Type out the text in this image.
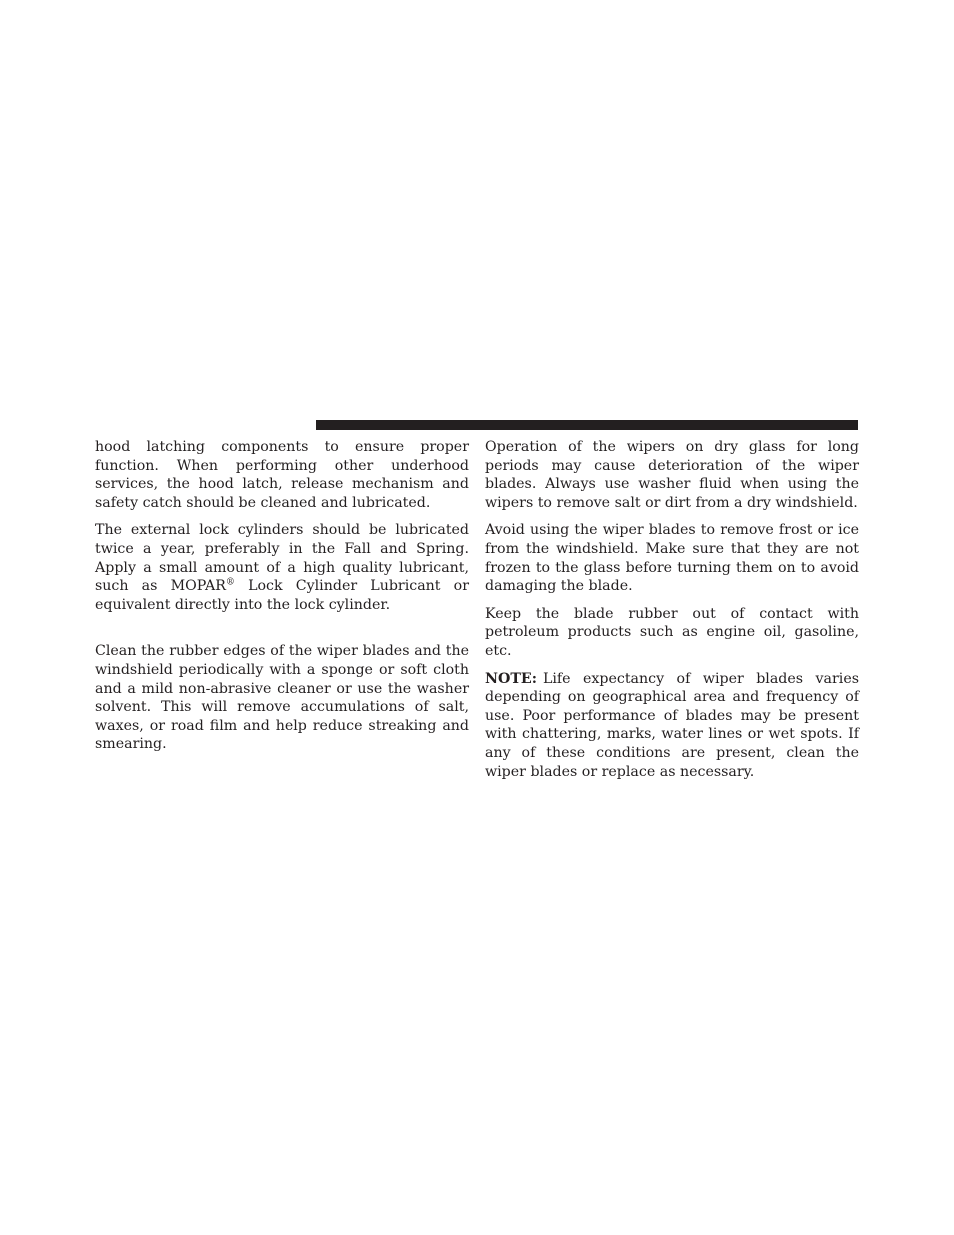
hood latching components to ensure proper function. When performing other underhood services, the hood latch, release mechanism and safety catch should be cleaned and lubricated.

The external lock cylinders should be lubricated twice a year, preferably in the Fall and Spring. Apply a small amount of a high quality lubricant, such as MOPAR® Lock Cylinder Lubricant or equivalent directly into the lock cylinder.

Clean the rubber edges of the wiper blades and the windshield periodically with a sponge or soft cloth and a mild non-abrasive cleaner or use the washer solvent. This will remove accumulations of salt, waxes, or road film and help reduce streaking and smearing.

Operation of the wipers on dry glass for long periods may cause deterioration of the wiper blades. Always use washer fluid when using the wipers to remove salt or dirt from a dry windshield.

Avoid using the wiper blades to remove frost or ice from the windshield. Make sure that they are not frozen to the glass before turning them on to avoid damaging the blade.

Keep the blade rubber out of contact with petroleum products such as engine oil, gasoline, etc.

NOTE: Life expectancy of wiper blades varies depending on geographical area and frequency of use. Poor performance of blades may be present with chattering, marks, water lines or wet spots. If any of these conditions are present, clean the wiper blades or replace as necessary.
